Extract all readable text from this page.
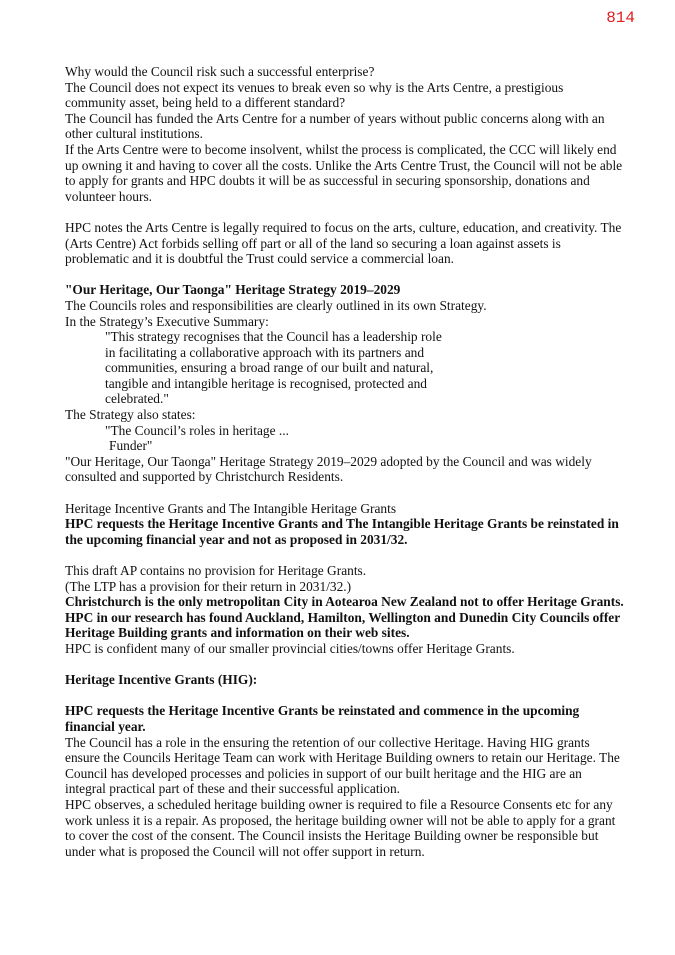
814

Why would the Council risk such a successful enterprise?

The Council does not expect its venues to break even so why is the Arts Centre, a prestigious community asset, being held to a different standard?

The Council has funded the Arts Centre for a number of years without public concerns along with an other cultural institutions.

If the Arts Centre were to become insolvent, whilst the process is complicated, the CCC will likely end up owning it and having to cover all the costs. Unlike the Arts Centre Trust, the Council will not be able to apply for grants and HPC doubts it will be as successful in securing sponsorship, donations and volunteer hours.

HPC notes the Arts Centre is legally required to focus on the arts, culture, education, and creativity. The (Arts Centre) Act forbids selling off part or all of the land so securing a loan against assets is problematic and it is doubtful the Trust could service a commercial loan.

"Our Heritage, Our Taonga" Heritage Strategy 2019–2029

The Councils roles and responsibilities are clearly outlined in its own Strategy.

In the Strategy’s Executive Summary:

"This strategy recognises that the Council has a leadership role

in facilitating a collaborative approach with its partners and

communities, ensuring a broad range of our built and natural,

tangible and intangible heritage is recognised, protected and

celebrated."

The Strategy also states:

"The Council’s roles in heritage ...

Funder"

"Our Heritage, Our Taonga" Heritage Strategy 2019–2029 adopted by the Council and was widely consulted and supported by Christchurch Residents.

Heritage Incentive Grants and The Intangible Heritage Grants

HPC requests the Heritage Incentive Grants and The Intangible Heritage Grants be reinstated in the upcoming financial year and not as proposed in 2031/32.

This draft AP contains no provision for Heritage Grants.

(The LTP has a provision for their return in 2031/32.)

Christchurch is the only metropolitan City in Aotearoa New Zealand not to offer Heritage Grants. HPC in our research has found Auckland, Hamilton, Wellington and Dunedin City Councils offer Heritage Building grants and information on their web sites.

HPC is confident many of our smaller provincial cities/towns offer Heritage Grants.

Heritage Incentive Grants (HIG):

HPC requests the Heritage Incentive Grants be reinstated and commence in the upcoming financial year.

The Council has a role in the ensuring the retention of our collective Heritage. Having HIG grants ensure the Councils Heritage Team can work with Heritage Building owners to retain our Heritage. The Council has developed processes and policies in support of our built heritage and the HIG are an integral practical part of these and their successful application.

HPC observes, a scheduled heritage building owner is required to file a Resource Consents etc for any work unless it is a repair. As proposed, the heritage building owner will not be able to apply for a grant to cover the cost of the consent. The Council insists the Heritage Building owner be responsible but under what is proposed the Council will not offer support in return.
